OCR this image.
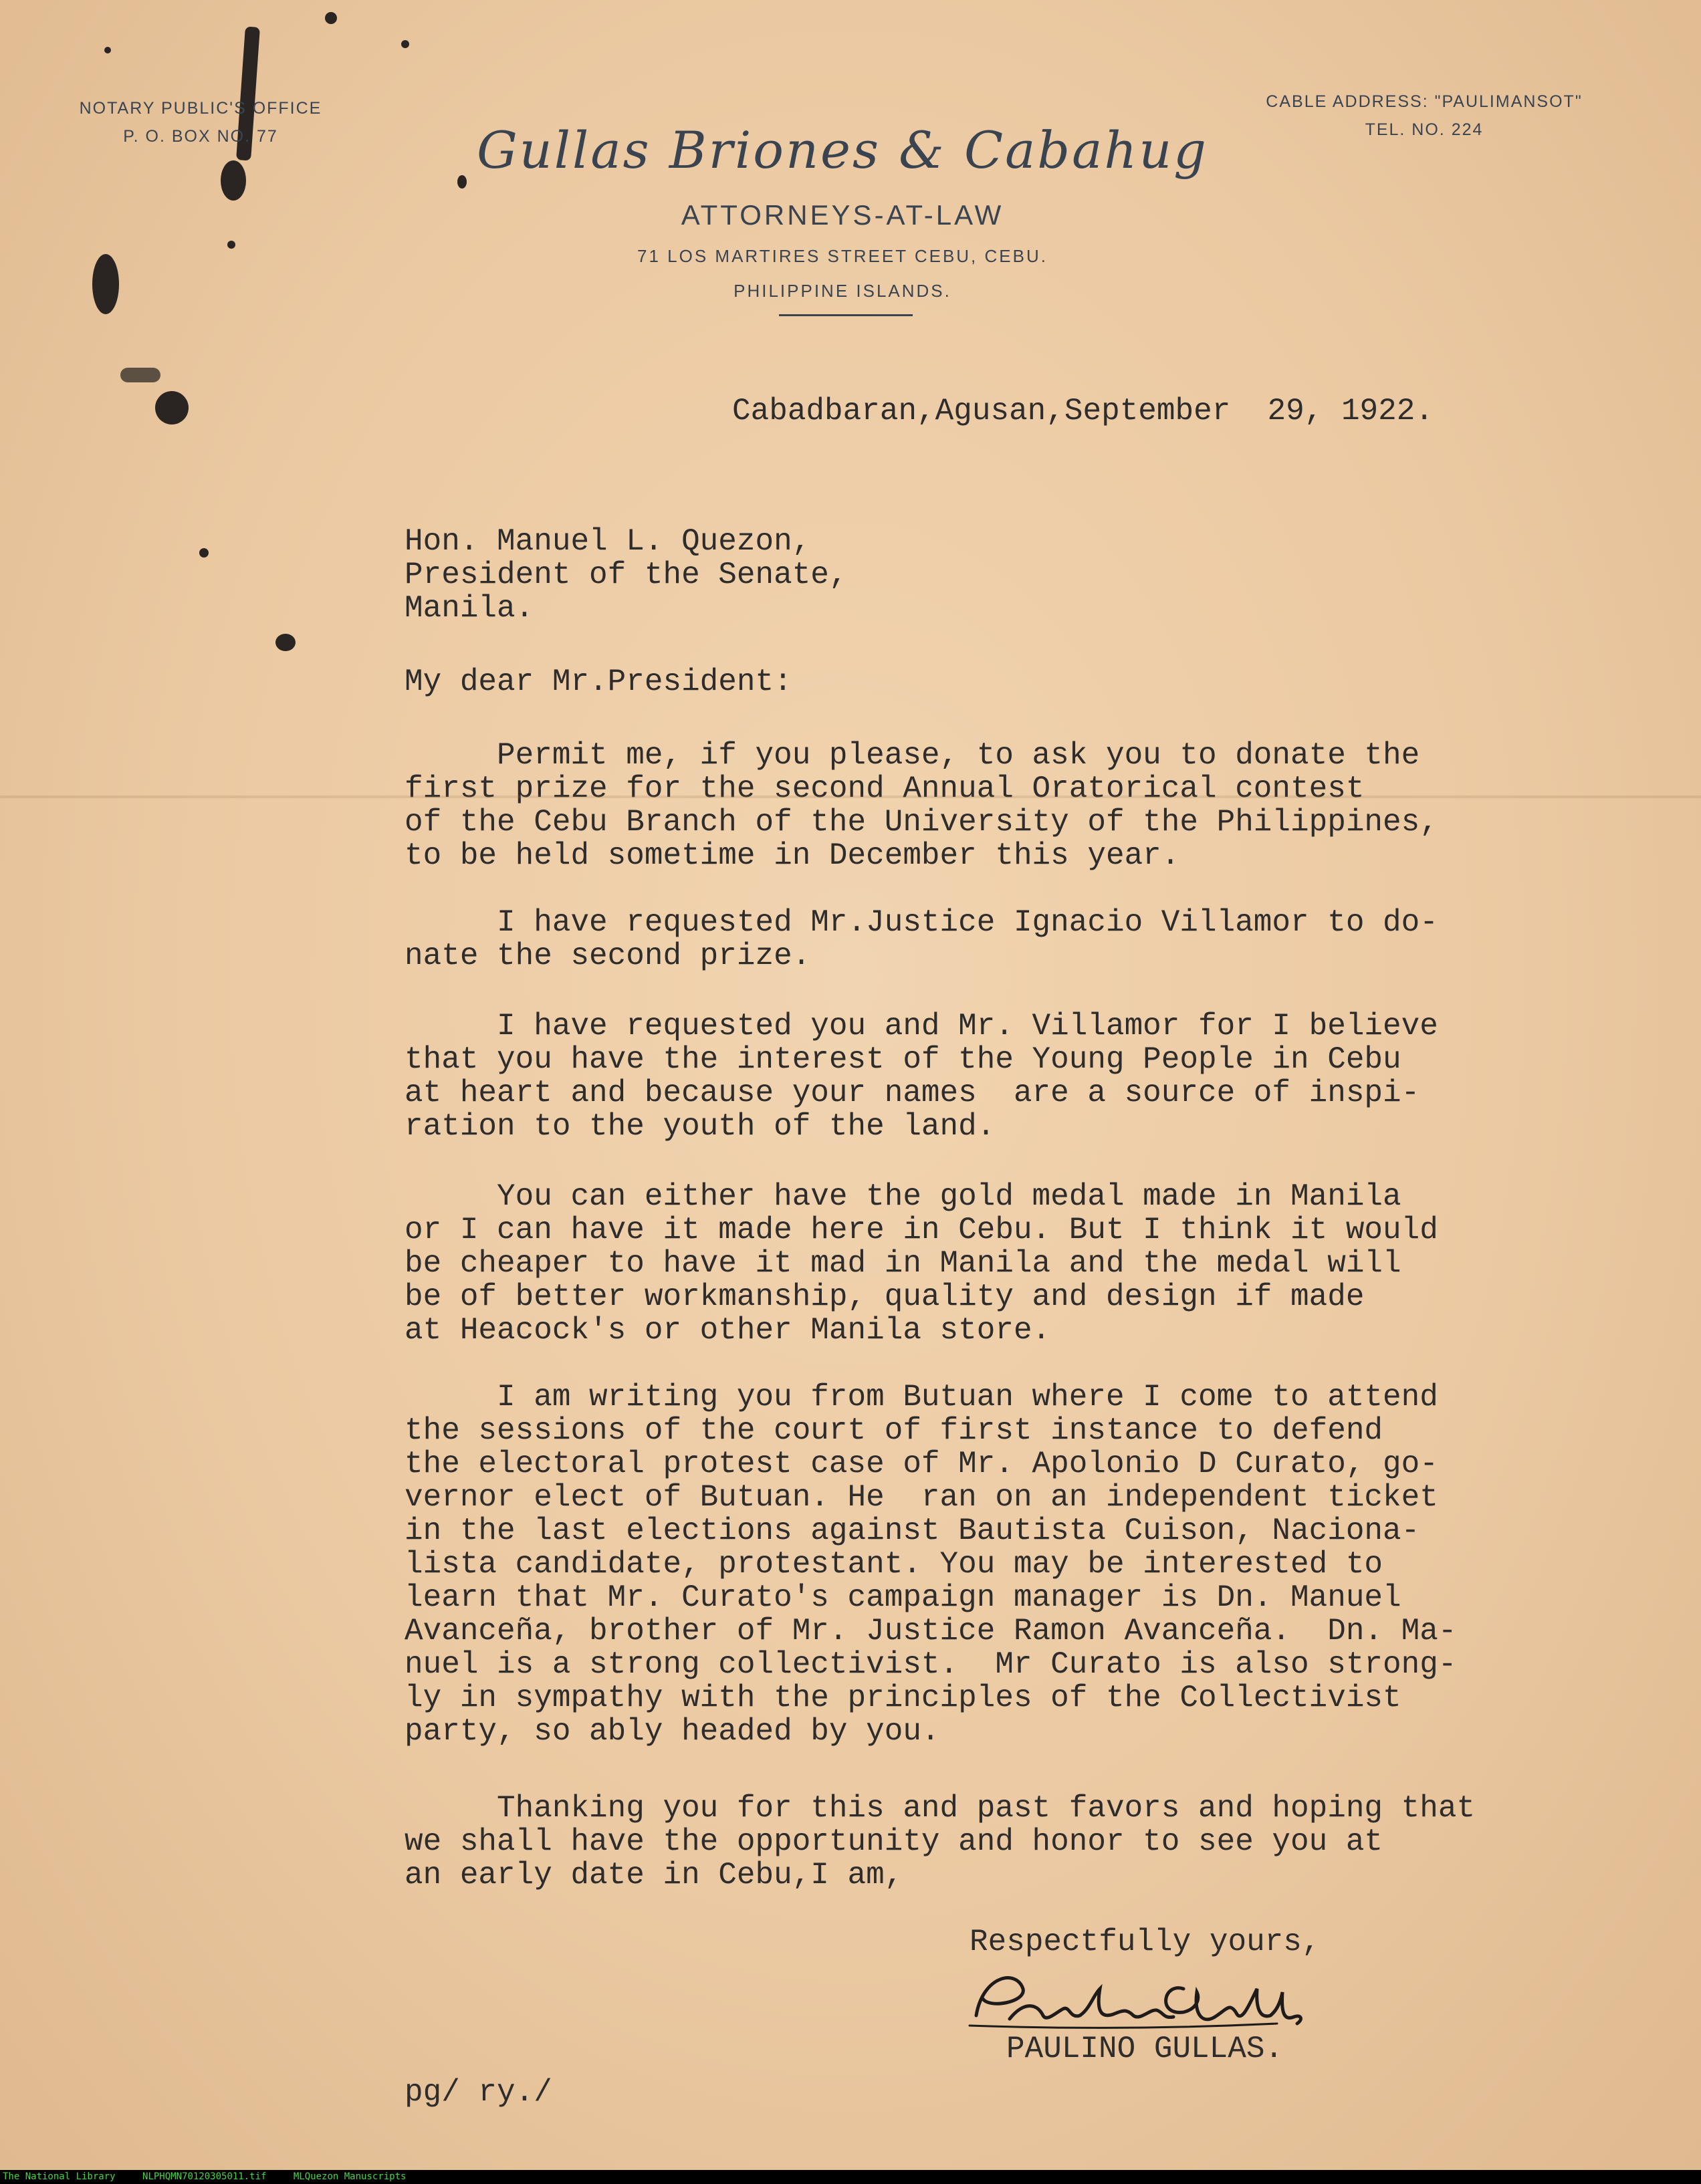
NOTARY PUBLIC'S OFFICE
P. O. BOX NO. 77
CABLE ADDRESS: "PAULIMANSOT"
TEL. NO. 224
Gullas Briones & Cabahug
ATTORNEYS-AT-LAW
71 LOS MARTIRES STREET CEBU, CEBU.
PHILIPPINE ISLANDS.
Cabadbaran,Agusan,September  29, 1922.
Hon. Manuel L. Quezon,
President of the Senate,
Manila.
My dear Mr.President:
Permit me, if you please, to ask you to donate the
first prize for the second Annual Oratorical contest
of the Cebu Branch of the University of the Philippines,
to be held sometime in December this year.
I have requested Mr.Justice Ignacio Villamor to do-
nate the second prize.
I have requested you and Mr. Villamor for I believe
that you have the interest of the Young People in Cebu
at heart and because your names  are a source of inspi-
ration to the youth of the land.
You can either have the gold medal made in Manila
or I can have it made here in Cebu. But I think it would
be cheaper to have it mad in Manila and the medal will
be of better workmanship, quality and design if made
at Heacock's or other Manila store.
I am writing you from Butuan where I come to attend
the sessions of the court of first instance to defend
the electoral protest case of Mr. Apolonio D Curato, go-
vernor elect of Butuan. He  ran on an independent ticket
in the last elections against Bautista Cuison, Naciona-
lista candidate, protestant. You may be interested to
learn that Mr. Curato's campaign manager is Dn. Manuel
Avanceña, brother of Mr. Justice Ramon Avanceña.  Dn. Ma-
nuel is a strong collectivist.  Mr Curato is also strong-
ly in sympathy with the principles of the Collectivist
party, so ably headed by you.
Thanking you for this and past favors and hoping that
we shall have the opportunity and honor to see you at
an early date in Cebu,I am,
Respectfully yours,
PAULINO GULLAS.
pg/ ry./
The National Library	NLPHQMN70120305011.tif	MLQuezon Manuscripts
